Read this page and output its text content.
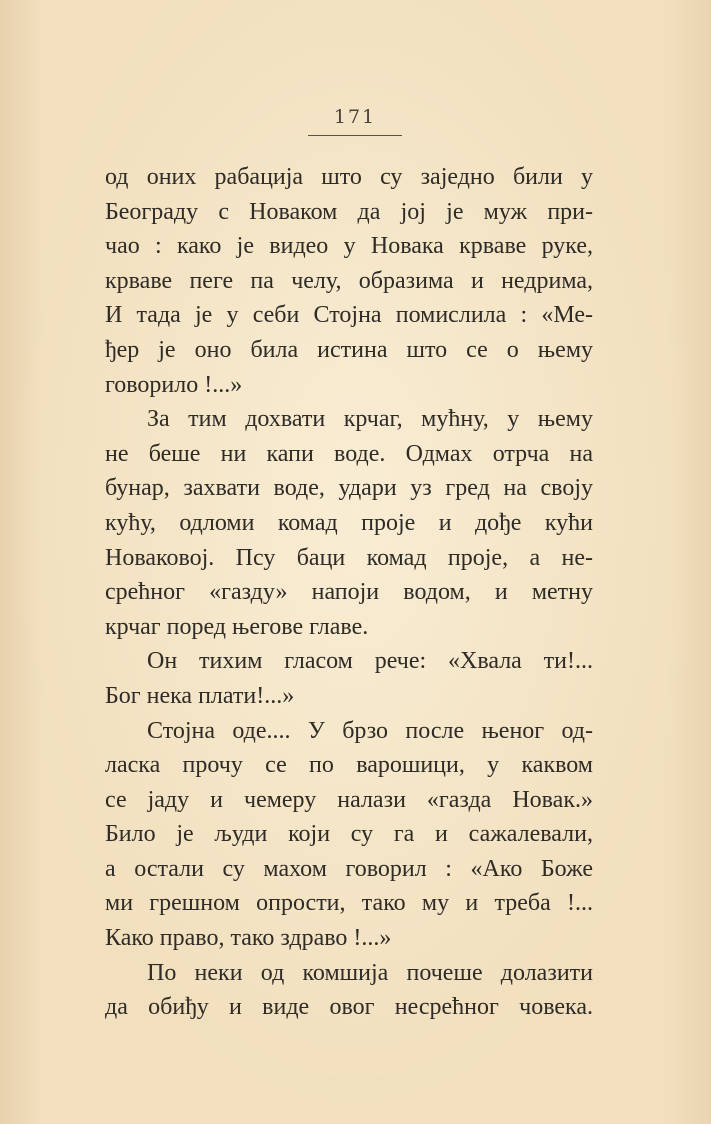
171
од оних рабација што су заједно били у
Београду с Новаком да јој је муж при-
чао : како је видео у Новака крваве руке,
крваве пеге па челу, образима и недрима,
И тада је у себи Стојна помислила : «Ме-
ђер је оно била истина што се о њему
говорило !...»
За тим дохвати крчаг, мућну, у њему
не беше ни капи воде. Одмах отрча на
бунар, захвати воде, удари уз гред на своју
кућу, одломи комад проје и дође кући
Новаковој. Псу баци комад проје, а не-
срећног «газду» напоји водом, и метну
крчаг поред његове главе.
Он тихим гласом рече: «Хвала ти!...
Бог нека плати!...»
Стојна оде.... У брзо после њеног од-
ласка прочу се по варошици, у каквом
се јаду и чемеру налази «газда Новак.»
Било је људи који су га и сажалевали,
а остали су махом говорил : «Ако Боже
ми грешном опрости, тако му и треба !...
Како право, тако здраво !...»
По неки од комшија почеше долазити
да обиђу и виде овог несрећног човека.
